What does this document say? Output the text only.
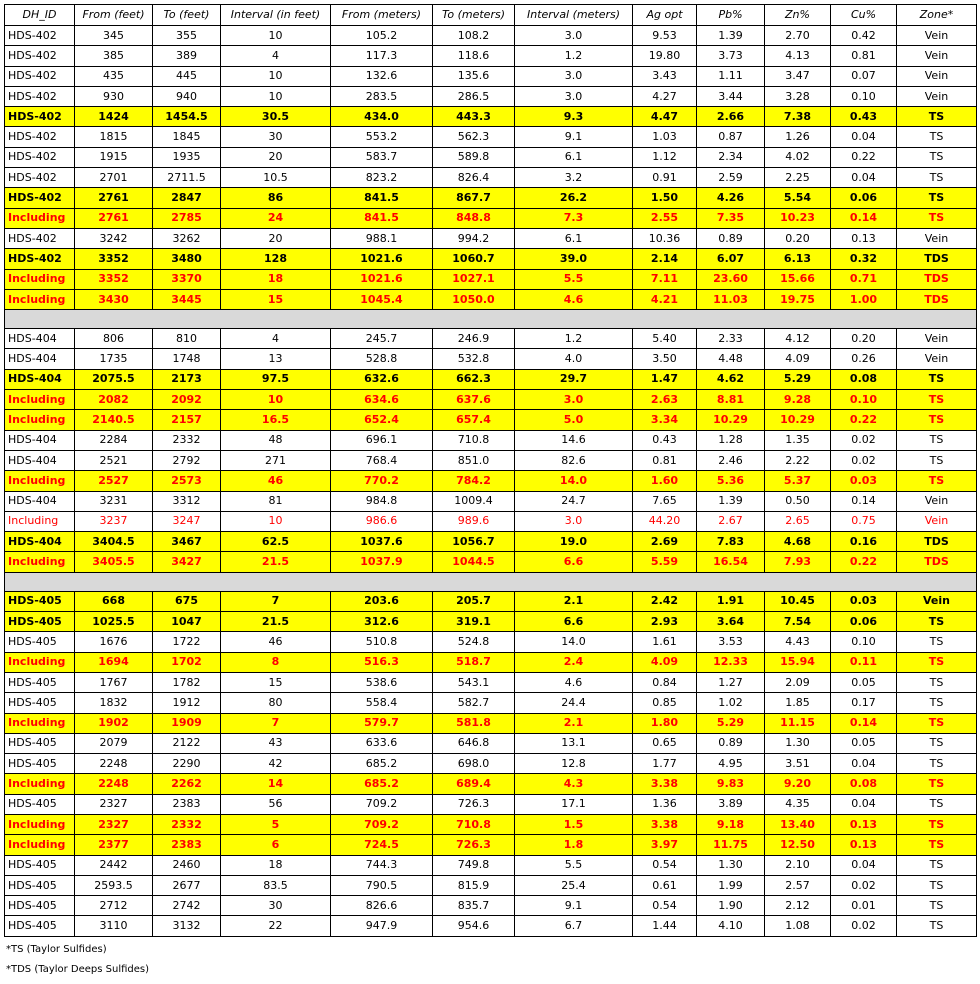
DH_ID	From (feet)	To (feet)	Interval (in feet)	From (meters)	To (meters)	Interval (meters)	Ag opt	Pb%	Zn%	Cu%	Zone*
HDS-402	345	355	10	105.2	108.2	3.0	9.53	1.39	2.70	0.42	Vein
HDS-402	385	389	4	117.3	118.6	1.2	19.80	3.73	4.13	0.81	Vein
HDS-402	435	445	10	132.6	135.6	3.0	3.43	1.11	3.47	0.07	Vein
HDS-402	930	940	10	283.5	286.5	3.0	4.27	3.44	3.28	0.10	Vein
HDS-402	1424	1454.5	30.5	434.0	443.3	9.3	4.47	2.66	7.38	0.43	TS
HDS-402	1815	1845	30	553.2	562.3	9.1	1.03	0.87	1.26	0.04	TS
HDS-402	1915	1935	20	583.7	589.8	6.1	1.12	2.34	4.02	0.22	TS
HDS-402	2701	2711.5	10.5	823.2	826.4	3.2	0.91	2.59	2.25	0.04	TS
HDS-402	2761	2847	86	841.5	867.7	26.2	1.50	4.26	5.54	0.06	TS
Including	2761	2785	24	841.5	848.8	7.3	2.55	7.35	10.23	0.14	TS
HDS-402	3242	3262	20	988.1	994.2	6.1	10.36	0.89	0.20	0.13	Vein
HDS-402	3352	3480	128	1021.6	1060.7	39.0	2.14	6.07	6.13	0.32	TDS
Including	3352	3370	18	1021.6	1027.1	5.5	7.11	23.60	15.66	0.71	TDS
Including	3430	3445	15	1045.4	1050.0	4.6	4.21	11.03	19.75	1.00	TDS

HDS-404	806	810	4	245.7	246.9	1.2	5.40	2.33	4.12	0.20	Vein
HDS-404	1735	1748	13	528.8	532.8	4.0	3.50	4.48	4.09	0.26	Vein
HDS-404	2075.5	2173	97.5	632.6	662.3	29.7	1.47	4.62	5.29	0.08	TS
Including	2082	2092	10	634.6	637.6	3.0	2.63	8.81	9.28	0.10	TS
Including	2140.5	2157	16.5	652.4	657.4	5.0	3.34	10.29	10.29	0.22	TS
HDS-404	2284	2332	48	696.1	710.8	14.6	0.43	1.28	1.35	0.02	TS
HDS-404	2521	2792	271	768.4	851.0	82.6	0.81	2.46	2.22	0.02	TS
Including	2527	2573	46	770.2	784.2	14.0	1.60	5.36	5.37	0.03	TS
HDS-404	3231	3312	81	984.8	1009.4	24.7	7.65	1.39	0.50	0.14	Vein
Including	3237	3247	10	986.6	989.6	3.0	44.20	2.67	2.65	0.75	Vein
HDS-404	3404.5	3467	62.5	1037.6	1056.7	19.0	2.69	7.83	4.68	0.16	TDS
Including	3405.5	3427	21.5	1037.9	1044.5	6.6	5.59	16.54	7.93	0.22	TDS

HDS-405	668	675	7	203.6	205.7	2.1	2.42	1.91	10.45	0.03	Vein
HDS-405	1025.5	1047	21.5	312.6	319.1	6.6	2.93	3.64	7.54	0.06	TS
HDS-405	1676	1722	46	510.8	524.8	14.0	1.61	3.53	4.43	0.10	TS
Including	1694	1702	8	516.3	518.7	2.4	4.09	12.33	15.94	0.11	TS
HDS-405	1767	1782	15	538.6	543.1	4.6	0.84	1.27	2.09	0.05	TS
HDS-405	1832	1912	80	558.4	582.7	24.4	0.85	1.02	1.85	0.17	TS
Including	1902	1909	7	579.7	581.8	2.1	1.80	5.29	11.15	0.14	TS
HDS-405	2079	2122	43	633.6	646.8	13.1	0.65	0.89	1.30	0.05	TS
HDS-405	2248	2290	42	685.2	698.0	12.8	1.77	4.95	3.51	0.04	TS
Including	2248	2262	14	685.2	689.4	4.3	3.38	9.83	9.20	0.08	TS
HDS-405	2327	2383	56	709.2	726.3	17.1	1.36	3.89	4.35	0.04	TS
Including	2327	2332	5	709.2	710.8	1.5	3.38	9.18	13.40	0.13	TS
Including	2377	2383	6	724.5	726.3	1.8	3.97	11.75	12.50	0.13	TS
HDS-405	2442	2460	18	744.3	749.8	5.5	0.54	1.30	2.10	0.04	TS
HDS-405	2593.5	2677	83.5	790.5	815.9	25.4	0.61	1.99	2.57	0.02	TS
HDS-405	2712	2742	30	826.6	835.7	9.1	0.54	1.90	2.12	0.01	TS
HDS-405	3110	3132	22	947.9	954.6	6.7	1.44	4.10	1.08	0.02	TS
*TS (Taylor Sulfides)
*TDS (Taylor Deeps Sulfides)
